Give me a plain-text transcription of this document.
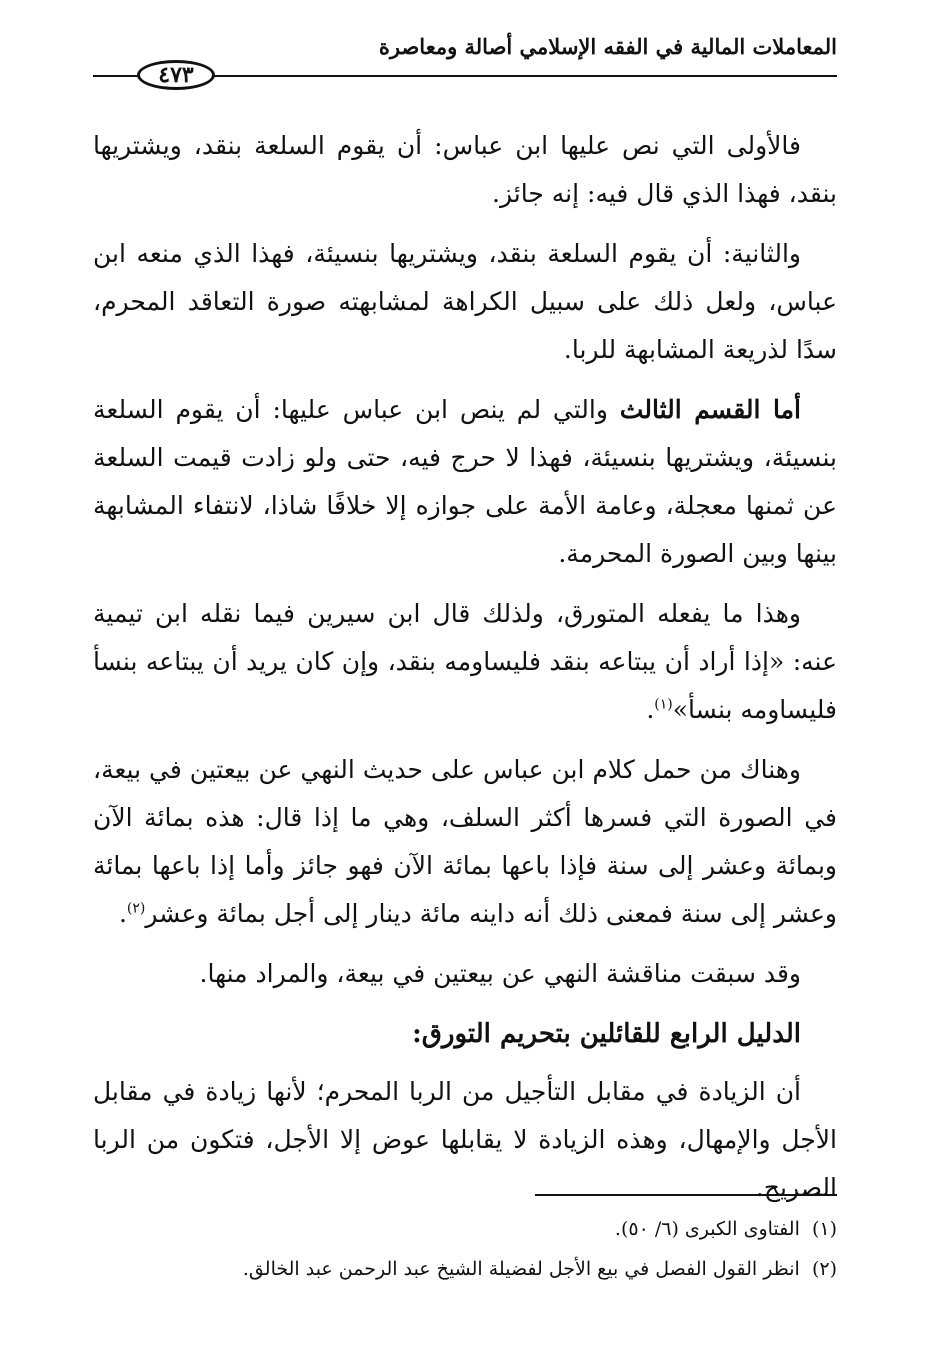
المعاملات المالية في الفقه الإسلامي أصالة ومعاصرة
٤٧٣

فالأولى التي نص عليها ابن عباس: أن يقوم السلعة بنقد، ويشتريها بنقد، فهذا الذي قال فيه: إنه جائز.

والثانية: أن يقوم السلعة بنقد، ويشتريها بنسيئة، فهذا الذي منعه ابن عباس، ولعل ذلك على سبيل الكراهة لمشابهته صورة التعاقد المحرم، سدًا لذريعة المشابهة للربا.

أما القسم الثالث والتي لم ينص ابن عباس عليها: أن يقوم السلعة بنسيئة، ويشتريها بنسيئة، فهذا لا حرج فيه، حتى ولو زادت قيمت السلعة عن ثمنها معجلة، وعامة الأمة على جوازه إلا خلافًا شاذا، لانتفاء المشابهة بينها وبين الصورة المحرمة.

وهذا ما يفعله المتورق، ولذلك قال ابن سيرين فيما نقله ابن تيمية عنه: «إذا أراد أن يبتاعه بنقد فليساومه بنقد، وإن كان يريد أن يبتاعه بنسأ فليساومه بنسأ»$^{(١)}$.

وهناك من حمل كلام ابن عباس على حديث النهي عن بيعتين في بيعة، في الصورة التي فسرها أكثر السلف، وهي ما إذا قال: هذه بمائة الآن وبمائة وعشر إلى سنة فإذا باعها بمائة الآن فهو جائز وأما إذا باعها بمائة وعشر إلى سنة فمعنى ذلك أنه داينه مائة دينار إلى أجل بمائة وعشر$^{(٢)}$.

وقد سبقت مناقشة النهي عن بيعتين في بيعة، والمراد منها.

الدليل الرابع للقائلين بتحريم التورق:

أن الزيادة في مقابل التأجيل من الربا المحرم؛ لأنها زيادة في مقابل الأجل والإمهال، وهذه الزيادة لا يقابلها عوض إلا الأجل، فتكون من الربا الصريح.

(١)  الفتاوى الكبرى (٦/ ٥٠).

(٢)  انظر القول الفصل في بيع الأجل لفضيلة الشيخ عبد الرحمن عبد الخالق.
